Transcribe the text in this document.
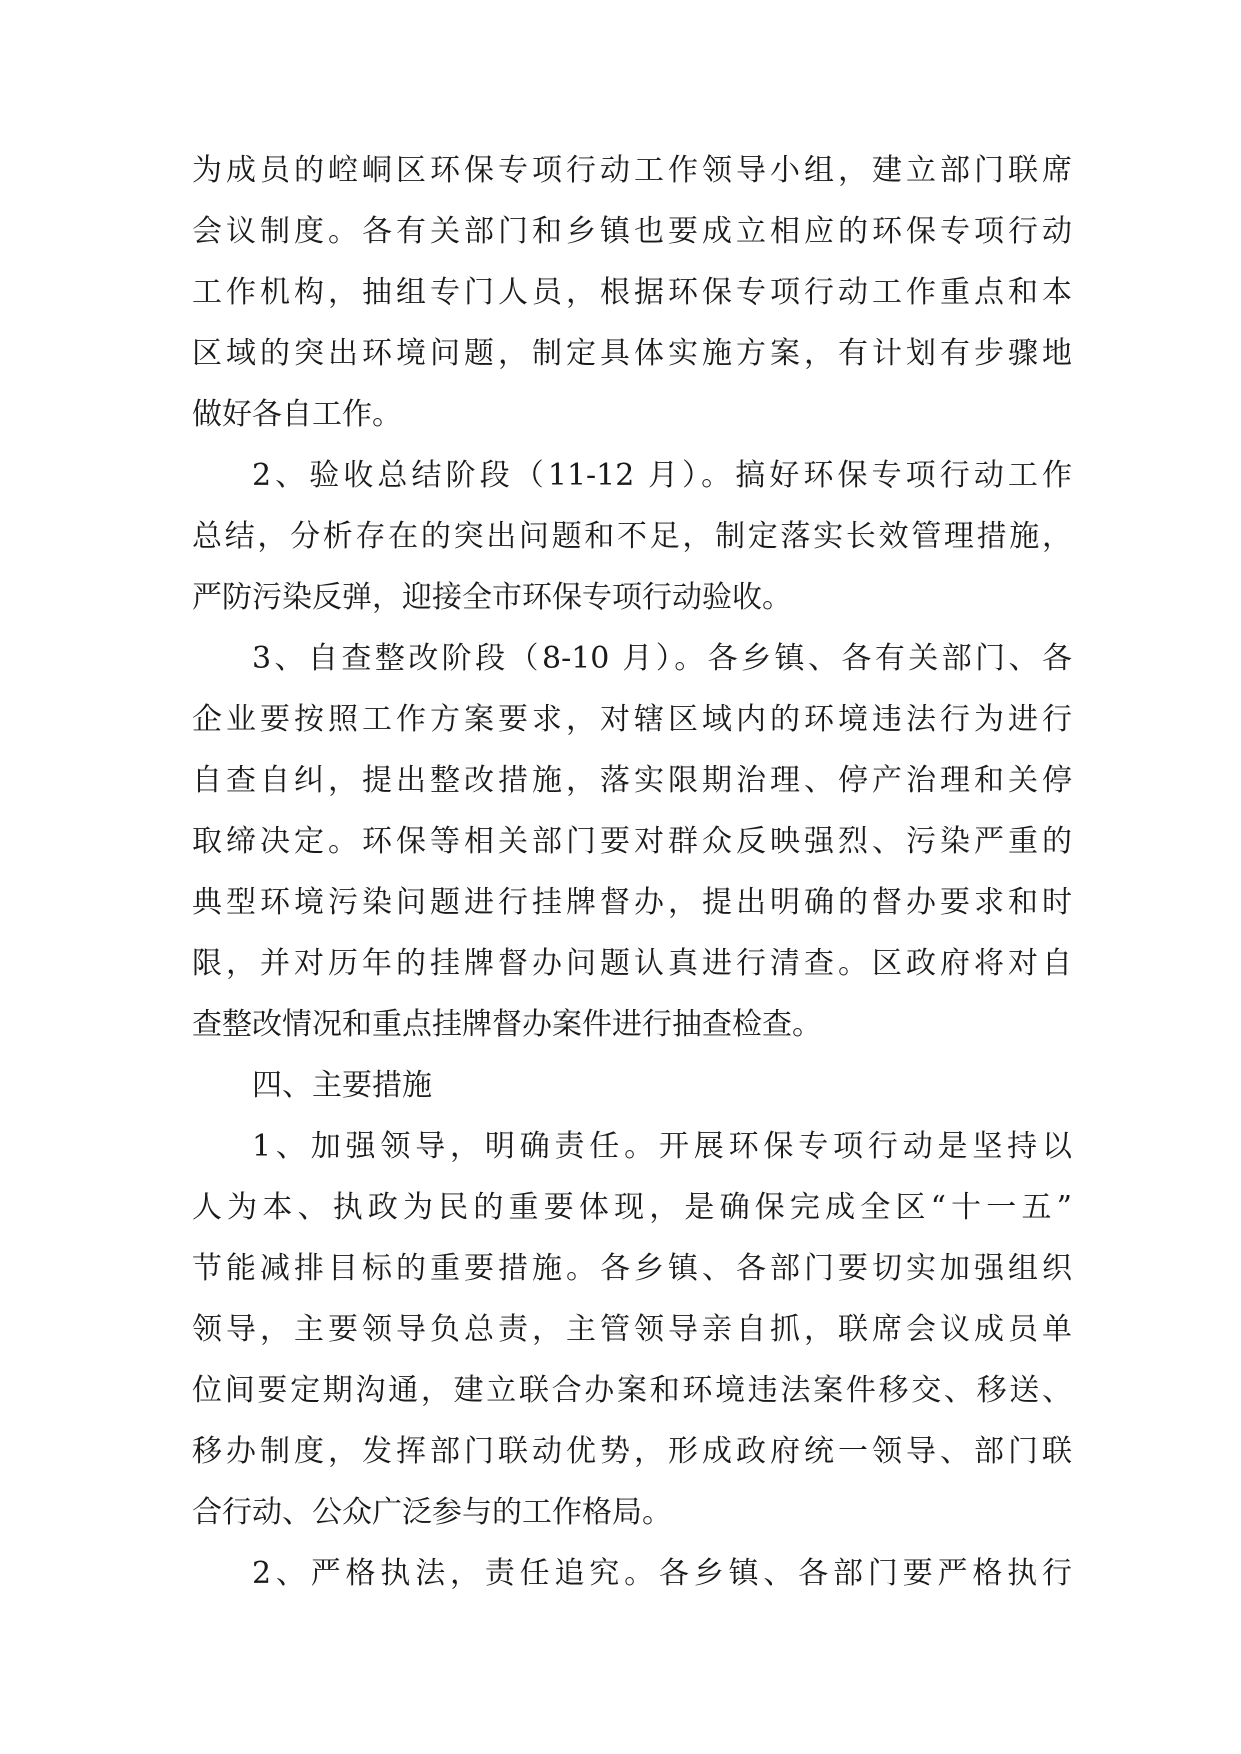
为成员的崆峒区环保专项行动工作领导小组，建立部门联席
会议制度。各有关部门和乡镇也要成立相应的环保专项行动
工作机构，抽组专门人员，根据环保专项行动工作重点和本
区域的突出环境问题，制定具体实施方案，有计划有步骤地
做好各自工作。
2、验收总结阶段（11-12 月）。搞好环保专项行动工作
总结，分析存在的突出问题和不足，制定落实长效管理措施，
严防污染反弹，迎接全市环保专项行动验收。
3、自查整改阶段（8-10 月）。各乡镇、各有关部门、各
企业要按照工作方案要求，对辖区域内的环境违法行为进行
自查自纠，提出整改措施，落实限期治理、停产治理和关停
取缔决定。环保等相关部门要对群众反映强烈、污染严重的
典型环境污染问题进行挂牌督办，提出明确的督办要求和时
限，并对历年的挂牌督办问题认真进行清查。区政府将对自
查整改情况和重点挂牌督办案件进行抽查检查。
四、主要措施
1、加强领导，明确责任。开展环保专项行动是坚持以
人为本、执政为民的重要体现，是确保完成全区“十一五”
节能减排目标的重要措施。各乡镇、各部门要切实加强组织
领导，主要领导负总责，主管领导亲自抓，联席会议成员单
位间要定期沟通，建立联合办案和环境违法案件移交、移送、
移办制度，发挥部门联动优势，形成政府统一领导、部门联
合行动、公众广泛参与的工作格局。
2、严格执法，责任追究。各乡镇、各部门要严格执行
